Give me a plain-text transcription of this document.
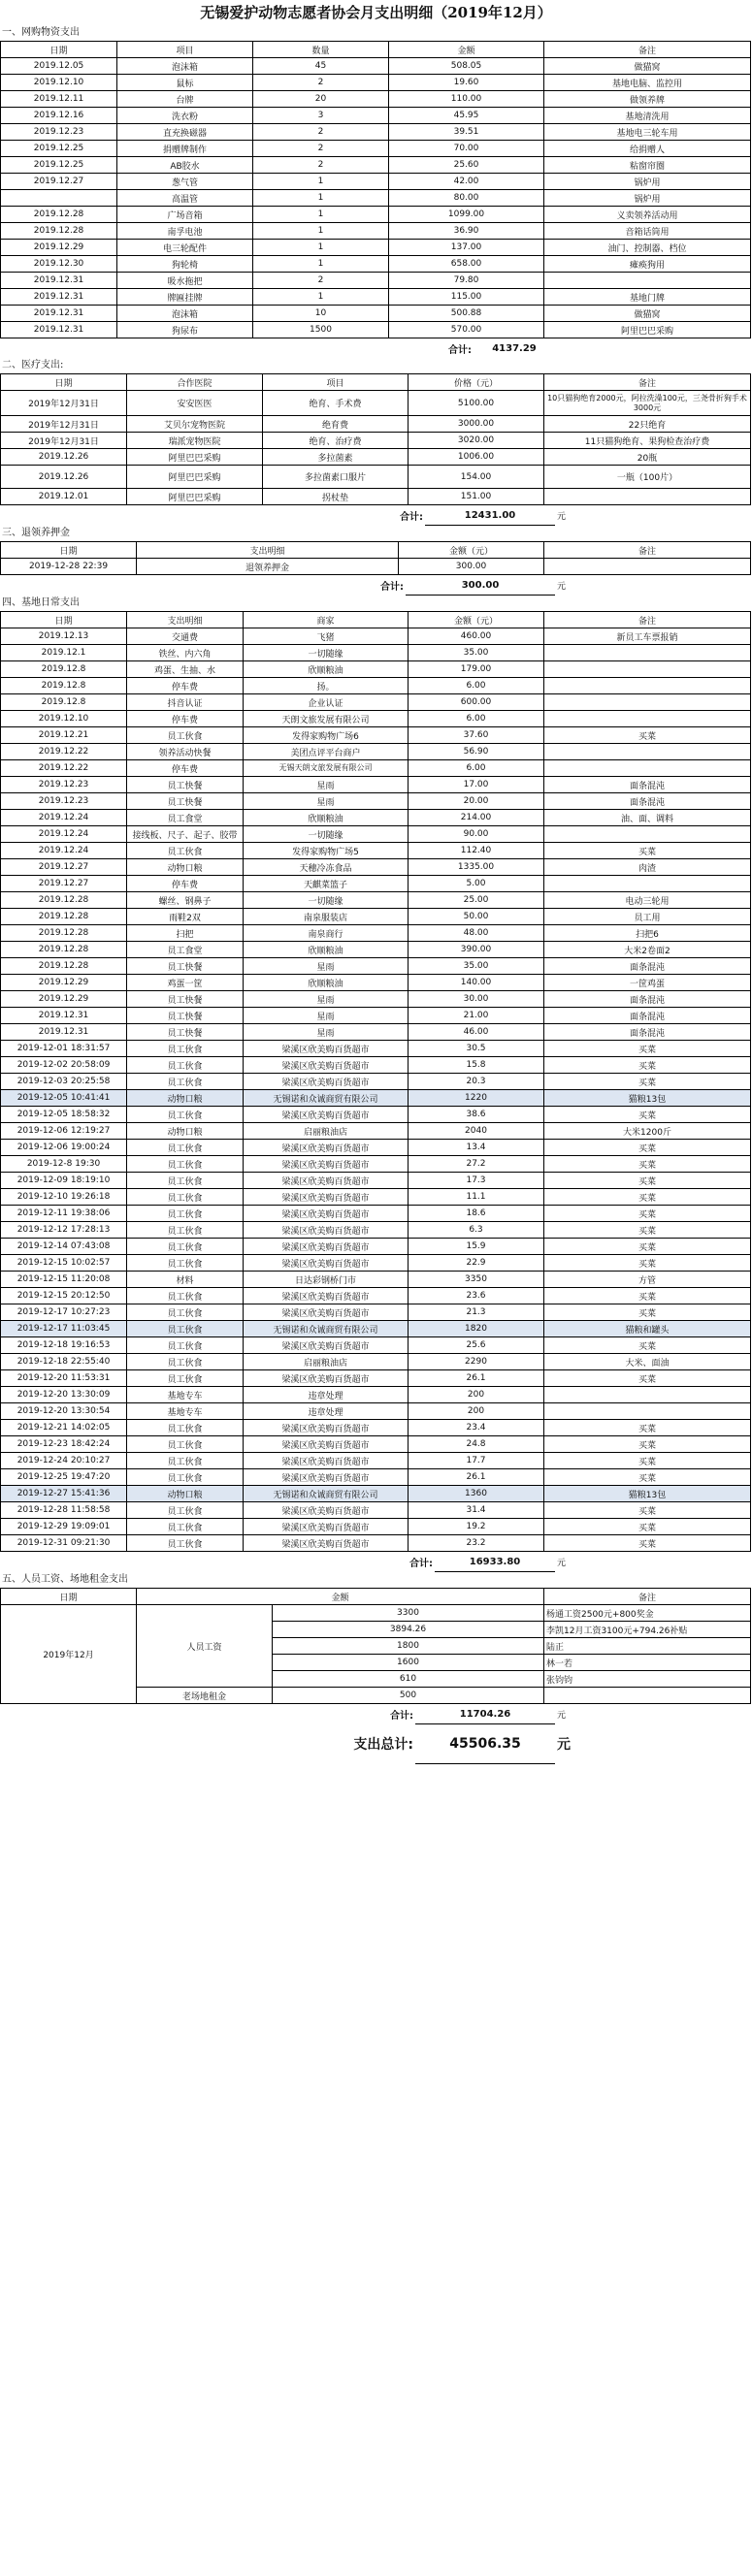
无锡爱护动物志愿者协会月支出明细（2019年12月）
一、网购物资支出
日期	项目	数量	金额	备注
2019.12.05	泡沫箱	45	508.05	做猫窝
2019.12.10	鼠标	2	19.60	基地电脑、监控用
2019.12.11	台牌	20	110.00	做领养牌
2019.12.16	洗衣粉	3	45.95	基地清洗用
2019.12.23	直充换磁器	2	39.51	基地电三轮车用
2019.12.25	捐赠牌制作	2	70.00	给捐赠人
2019.12.25	AB胶水	2	25.60	粘窗帘圈
2019.12.27	葱气管	1	42.00	锅炉用
	高温管	1	80.00	锅炉用
2019.12.28	广场音箱	1	1099.00	义卖领养活动用
2019.12.28	南孚电池	1	36.90	音箱话筒用
2019.12.29	电三轮配件	1	137.00	油门、控制器、档位
2019.12.30	狗轮椅	1	658.00	瘫痪狗用
2019.12.31	吸水拖把	2	79.80	
2019.12.31	牌匾挂牌	1	115.00	基地门牌
2019.12.31	泡沫箱	10	500.88	做猫窝
2019.12.31	狗尿布	1500	570.00	阿里巴巴采购
	合计:	4137.29	
二、医疗支出:
日期	合作医院	项目	价格（元）	备注
2019年12月31日	安安医医	绝育、手术费	5100.00	10只猫狗绝育2000元，阿拉洗澡100元，三尧骨折狗手术3000元
2019年12月31日	艾贝尔宠物医院	绝育费	3000.00	22只绝育
2019年12月31日	瑞派宠物医院	绝育、治疗费	3020.00	11只猫狗绝育、果狗检查治疗费
2019.12.26	阿里巴巴采购	多拉菌素	1006.00	20瓶
2019.12.26	阿里巴巴采购	多拉菌素口服片	154.00	一瓶（100片）
2019.12.01	阿里巴巴采购	拐杖垫	151.00	
	合计:	12431.00	元
三、退领养押金
日期	支出明细	金额（元）	备注
2019-12-28 22:39	退领养押金	300.00	
	合计:	300.00	元
四、基地日常支出
日期	支出明细	商家	金额（元）	备注
2019.12.13	交通费	飞猪	460.00	新员工车票报销
2019.12.1	铁丝、内六角	一切随缘	35.00	
2019.12.8	鸡蛋、生抽、水	欣顺粮油	179.00	
2019.12.8	停车费	扬。	6.00	
2019.12.8	抖音认证	企业认证	600.00	
2019.12.10	停车费	天朗文旅发展有限公司	6.00	
2019.12.21	员工伙食	发得家购物广场6	37.60	买菜
2019.12.22	领养活动快餐	美团点评平台商户	56.90	
2019.12.22	停车费	无锡天朗文旅发展有限公司	6.00	
2019.12.23	员工快餐	星雨	17.00	面条混沌
2019.12.23	员工快餐	星雨	20.00	面条混沌
2019.12.24	员工食堂	欣顺粮油	214.00	油、面、调料
2019.12.24	接线板、尺子、起子、胶带	一切随缘	90.00	
2019.12.24	员工伙食	发得家购物广场5	112.40	买菜
2019.12.27	动物口粮	天穗冷冻食品	1335.00	肉渣
2019.12.27	停车费	天麒菜篮子	5.00	
2019.12.28	螺丝、钢鼻子	一切随缘	25.00	电动三轮用
2019.12.28	雨鞋2双	南泉服装店	50.00	员工用
2019.12.28	扫把	南泉商行	48.00	扫把6
2019.12.28	员工食堂	欣顺粮油	390.00	大米2卷面2
2019.12.28	员工快餐	星雨	35.00	面条混沌
2019.12.29	鸡蛋一筐	欣顺粮油	140.00	一筐鸡蛋
2019.12.29	员工快餐	星雨	30.00	面条混沌
2019.12.31	员工快餐	星雨	21.00	面条混沌
2019.12.31	员工快餐	星雨	46.00	面条混沌
2019-12-01 18:31:57	员工伙食	梁溪区欣美购百货超市	30.5	买菜
2019-12-02 20:58:09	员工伙食	梁溪区欣美购百货超市	15.8	买菜
2019-12-03 20:25:58	员工伙食	梁溪区欣美购百货超市	20.3	买菜
2019-12-05 10:41:41	动物口粮	无锡诺和众诚商贸有限公司	1220	猫粮13包
2019-12-05 18:58:32	员工伙食	梁溪区欣美购百货超市	38.6	买菜
2019-12-06 12:19:27	动物口粮	启丽粮油店	2040	大米1200斤
2019-12-06 19:00:24	员工伙食	梁溪区欣美购百货超市	13.4	买菜
2019-12-8 19:30	员工伙食	梁溪区欣美购百货超市	27.2	买菜
2019-12-09 18:19:10	员工伙食	梁溪区欣美购百货超市	17.3	买菜
2019-12-10 19:26:18	员工伙食	梁溪区欣美购百货超市	11.1	买菜
2019-12-11 19:38:06	员工伙食	梁溪区欣美购百货超市	18.6	买菜
2019-12-12 17:28:13	员工伙食	梁溪区欣美购百货超市	6.3	买菜
2019-12-14 07:43:08	员工伙食	梁溪区欣美购百货超市	15.9	买菜
2019-12-15 10:02:57	员工伙食	梁溪区欣美购百货超市	22.9	买菜
2019-12-15 11:20:08	材料	日达彩钢桥门市	3350	方管
2019-12-15 20:12:50	员工伙食	梁溪区欣美购百货超市	23.6	买菜
2019-12-17 10:27:23	员工伙食	梁溪区欣美购百货超市	21.3	买菜
2019-12-17 11:03:45	员工伙食	无锡诺和众诚商贸有限公司	1820	猫粮和罐头
2019-12-18 19:16:53	员工伙食	梁溪区欣美购百货超市	25.6	买菜
2019-12-18 22:55:40	员工伙食	启丽粮油店	2290	大米、面油
2019-12-20 11:53:31	员工伙食	梁溪区欣美购百货超市	26.1	买菜
2019-12-20 13:30:09	基地专车	违章处理	200	
2019-12-20 13:30:54	基地专车	违章处理	200	
2019-12-21 14:02:05	员工伙食	梁溪区欣美购百货超市	23.4	买菜
2019-12-23 18:42:24	员工伙食	梁溪区欣美购百货超市	24.8	买菜
2019-12-24 20:10:27	员工伙食	梁溪区欣美购百货超市	17.7	买菜
2019-12-25 19:47:20	员工伙食	梁溪区欣美购百货超市	26.1	买菜
2019-12-27 15:41:36	动物口粮	无锡诺和众诚商贸有限公司	1360	猫粮13包
2019-12-28 11:58:58	员工伙食	梁溪区欣美购百货超市	31.4	买菜
2019-12-29 19:09:01	员工伙食	梁溪区欣美购百货超市	19.2	买菜
2019-12-31 09:21:30	员工伙食	梁溪区欣美购百货超市	23.2	买菜
	合计:	16933.80	元
五、人员工资、场地租金支出
日期	金额		备注
2019年12月	人员工资	3300	杨通工资2500元+800奖金
		3894.26	李凯12月工资3100元+794.26补贴
		1800	陆正
		1600	林一若
		610	张钧钧
	老场地租金	500	
	合计:	11704.26	元
	支出总计:	45506.35	元
